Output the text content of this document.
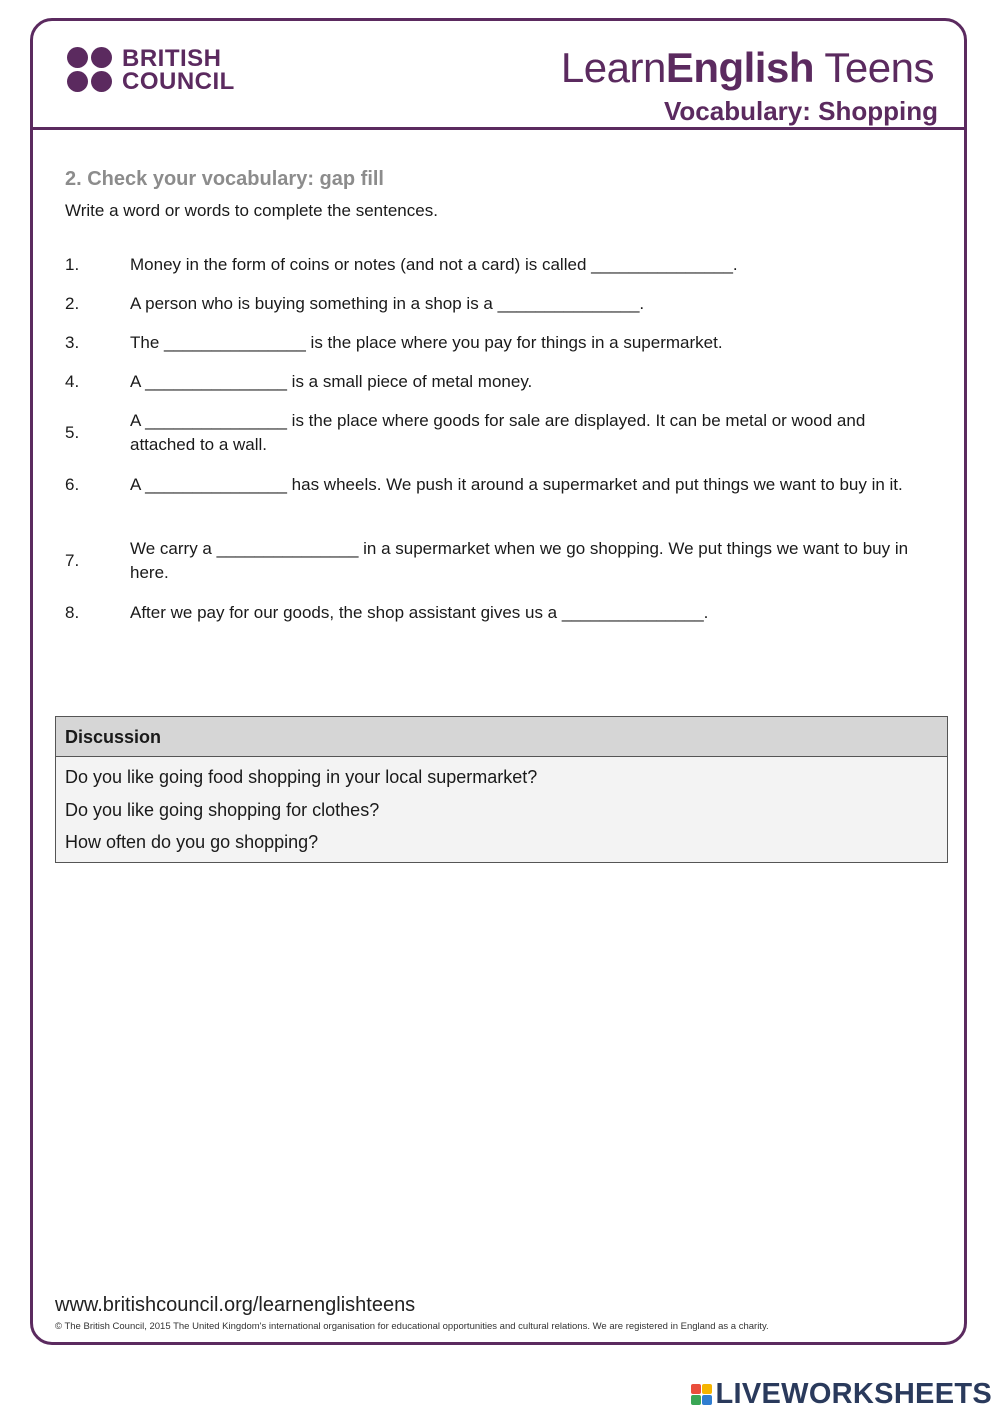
BRITISH
COUNCIL	LearnEnglish Teens
Vocabulary: Shopping
2. Check your vocabulary: gap fill
Write a word or words to complete the sentences.
1.	Money in the form of coins or notes (and not a card) is called _______________.
2.	A person who is buying something in a shop is a _______________.
3.	The _______________ is the place where you pay for things in a supermarket.
4.	A _______________ is a small piece of metal money.
5.
A _______________ is the place where goods for sale are displayed. It can be metal or wood and attached to a wall.
6.	A _______________ has wheels. We push it around a supermarket and put things we want to buy in it.
7.
We carry a _______________ in a supermarket when we go shopping. We put things we want to buy in here.
8.	After we pay for our goods, the shop assistant gives us a _______________.
Discussion
Do you like going food shopping in your local supermarket?
Do you like going shopping for clothes?
How often do you go shopping?
www.britishcouncil.org/learnenglishteens
© The British Council, 2015 The United Kingdom's international organisation for educational opportunities and cultural relations. We are registered in England as a charity.
LIVEWORKSHEETS
